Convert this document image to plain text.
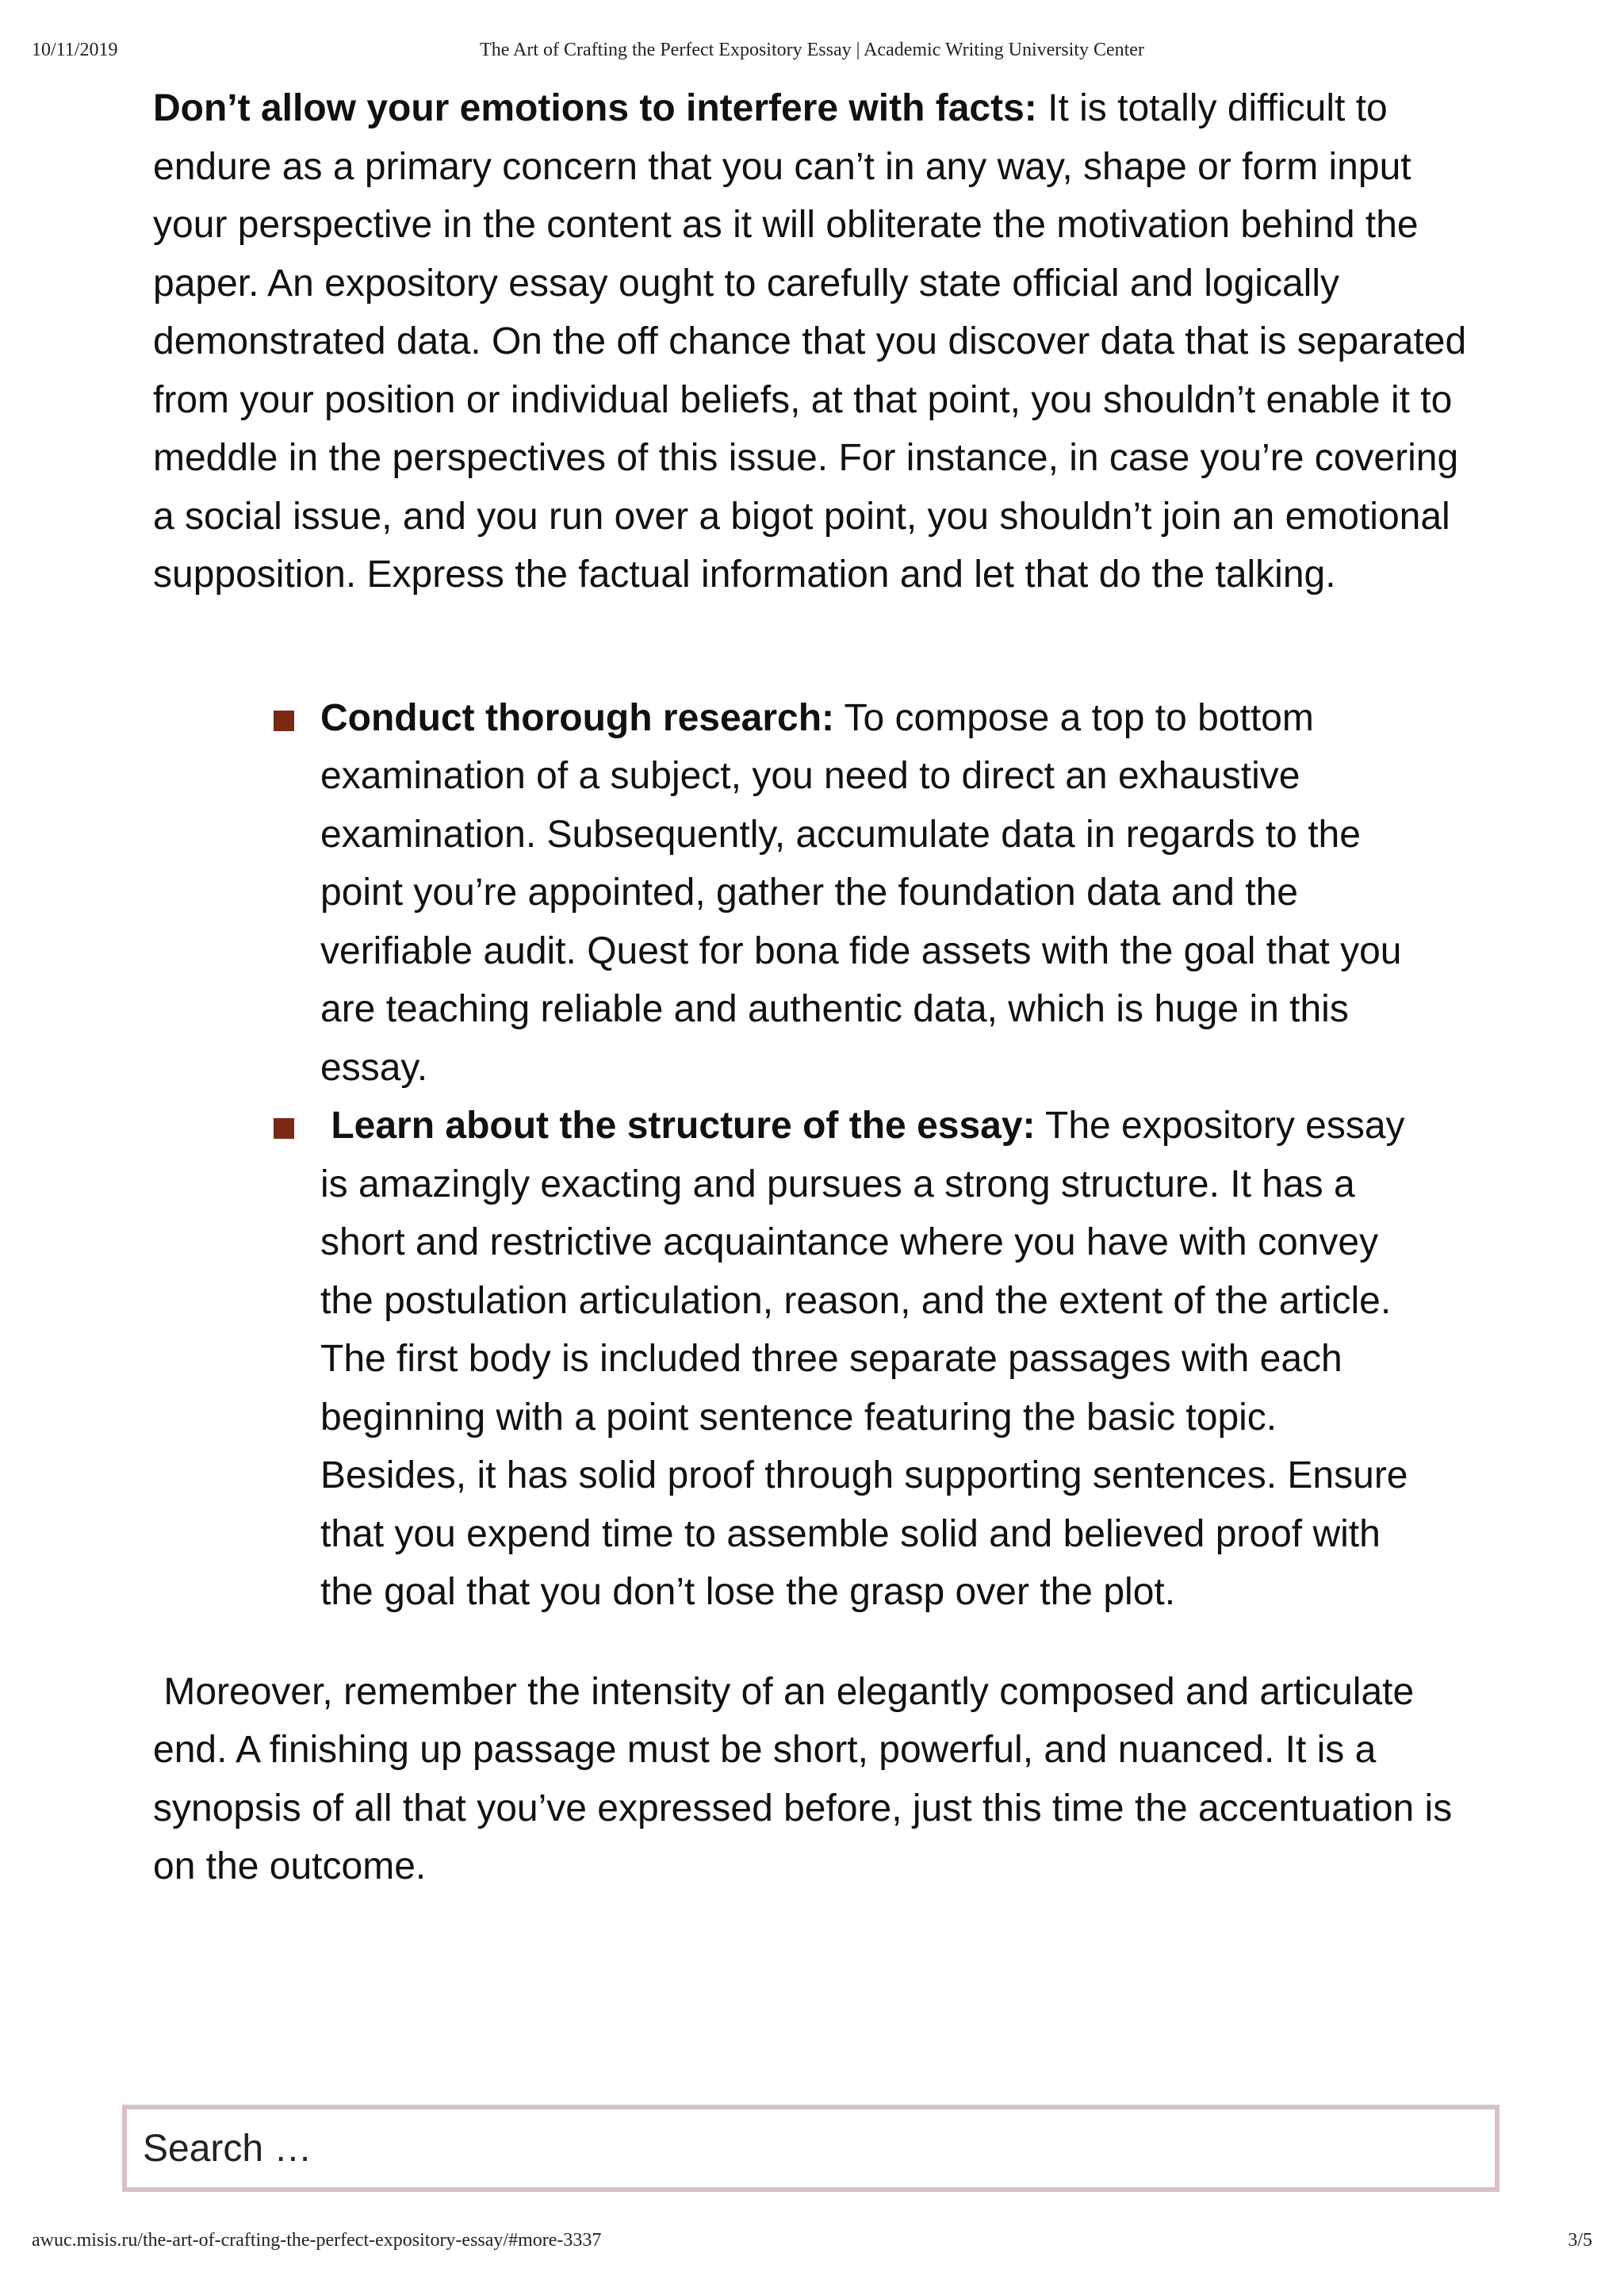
10/11/2019	The Art of Crafting the Perfect Expository Essay | Academic Writing University Center

Don’t allow your emotions to interfere with facts: It is totally difficult to endure as a primary concern that you can’t in any way, shape or form input your perspective in the content as it will obliterate the motivation behind the paper. An expository essay ought to carefully state official and logically demonstrated data. On the off chance that you discover data that is separated from your position or individual beliefs, at that point, you shouldn’t enable it to meddle in the perspectives of this issue. For instance, in case you’re covering a social issue, and you run over a bigot point, you shouldn’t join an emotional supposition. Express the factual information and let that do the talking.

Conduct thorough research: To compose a top to bottom examination of a subject, you need to direct an exhaustive examination. Subsequently, accumulate data in regards to the point you’re appointed, gather the foundation data and the verifiable audit. Quest for bona fide assets with the goal that you are teaching reliable and authentic data, which is huge in this essay.

Learn about the structure of the essay: The expository essay is amazingly exacting and pursues a strong structure. It has a short and restrictive acquaintance where you have with convey the postulation articulation, reason, and the extent of the article. The first body is included three separate passages with each beginning with a point sentence featuring the basic topic. Besides, it has solid proof through supporting sentences. Ensure that you expend time to assemble solid and believed proof with the goal that you don’t lose the grasp over the plot.

Moreover, remember the intensity of an elegantly composed and articulate end. A finishing up passage must be short, powerful, and nuanced. It is a synopsis of all that you’ve expressed before, just this time the accentuation is on the outcome.

Search …
awuc.misis.ru/the-art-of-crafting-the-perfect-expository-essay/#more-3337	3/5
